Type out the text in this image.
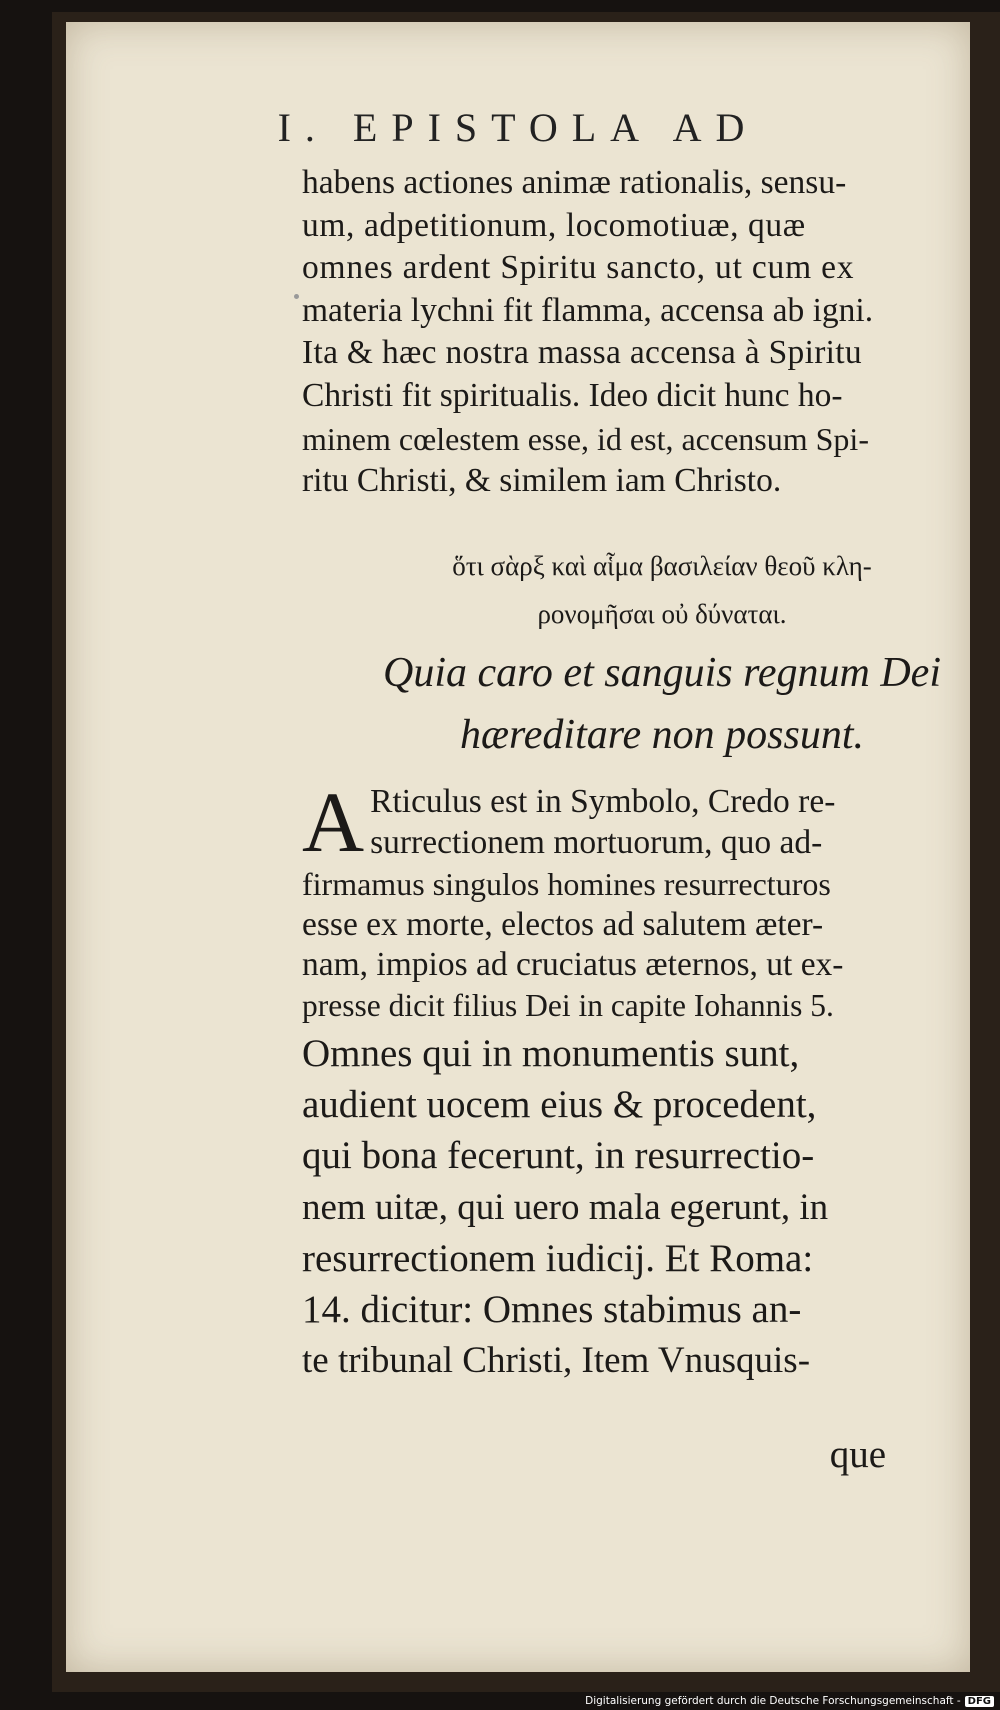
I. EPISTOLA AD
habens actiones animæ rationalis, sensu-
um, adpetitionum, locomotiuæ, quæ
omnes ardent Spiritu sancto, ut cum ex
materia lychni fit flamma, accensa ab igni.
Ita & hæc nostra massa accensa à Spiritu
Christi fit spiritualis. Ideo dicit hunc ho-
minem cœlestem esse, id est, accensum Spi-
ritu Christi, & similem iam Christo.
ὅτι σὰρξ καὶ αἷμα βασιλείαν θεοῦ κλη-
ρονομῆσαι οὐ δύναται.
Quia caro et sanguis regnum Dei
hæreditare non possunt.
A Rticulus est in Symbolo, Credo re-
surrectionem mortuorum, quo ad-
firmamus singulos homines resurrecturos
esse ex morte, electos ad salutem æter-
nam, impios ad cruciatus æternos, ut ex-
presse dicit filius Dei in capite Iohannis 5.
Omnes qui in monumentis sunt,
audient uocem eius & procedent,
qui bona fecerunt, in resurrectio-
nem uitæ, qui uero mala egerunt, in
resurrectionem iudicij. Et Roma:
14. dicitur: Omnes stabimus an-
te tribunal Christi, Item Vnusquis-
que
Digitalisierung gefördert durch die Deutsche Forschungsgemeinschaft - DFG
